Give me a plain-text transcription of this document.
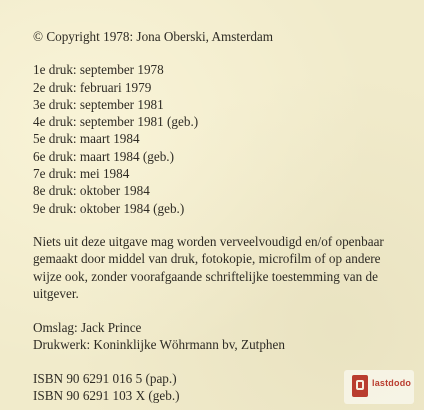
© Copyright 1978: Jona Oberski, Amsterdam
1e druk: september 1978
2e druk: februari 1979
3e druk: september 1981
4e druk: september 1981 (geb.)
5e druk: maart 1984
6e druk: maart 1984 (geb.)
7e druk: mei 1984
8e druk: oktober 1984
9e druk: oktober 1984 (geb.)
Niets uit deze uitgave mag worden verveelvoudigd en/of openbaar
gemaakt door middel van druk, fotokopie, microfilm of op andere
wijze ook, zonder voorafgaande schriftelijke toestemming van de
uitgever.
Omslag: Jack Prince
Drukwerk: Koninklijke Wöhrmann bv, Zutphen
ISBN 90 6291 016 5 (pap.)
ISBN 90 6291 103 X (geb.)
lastdodo
